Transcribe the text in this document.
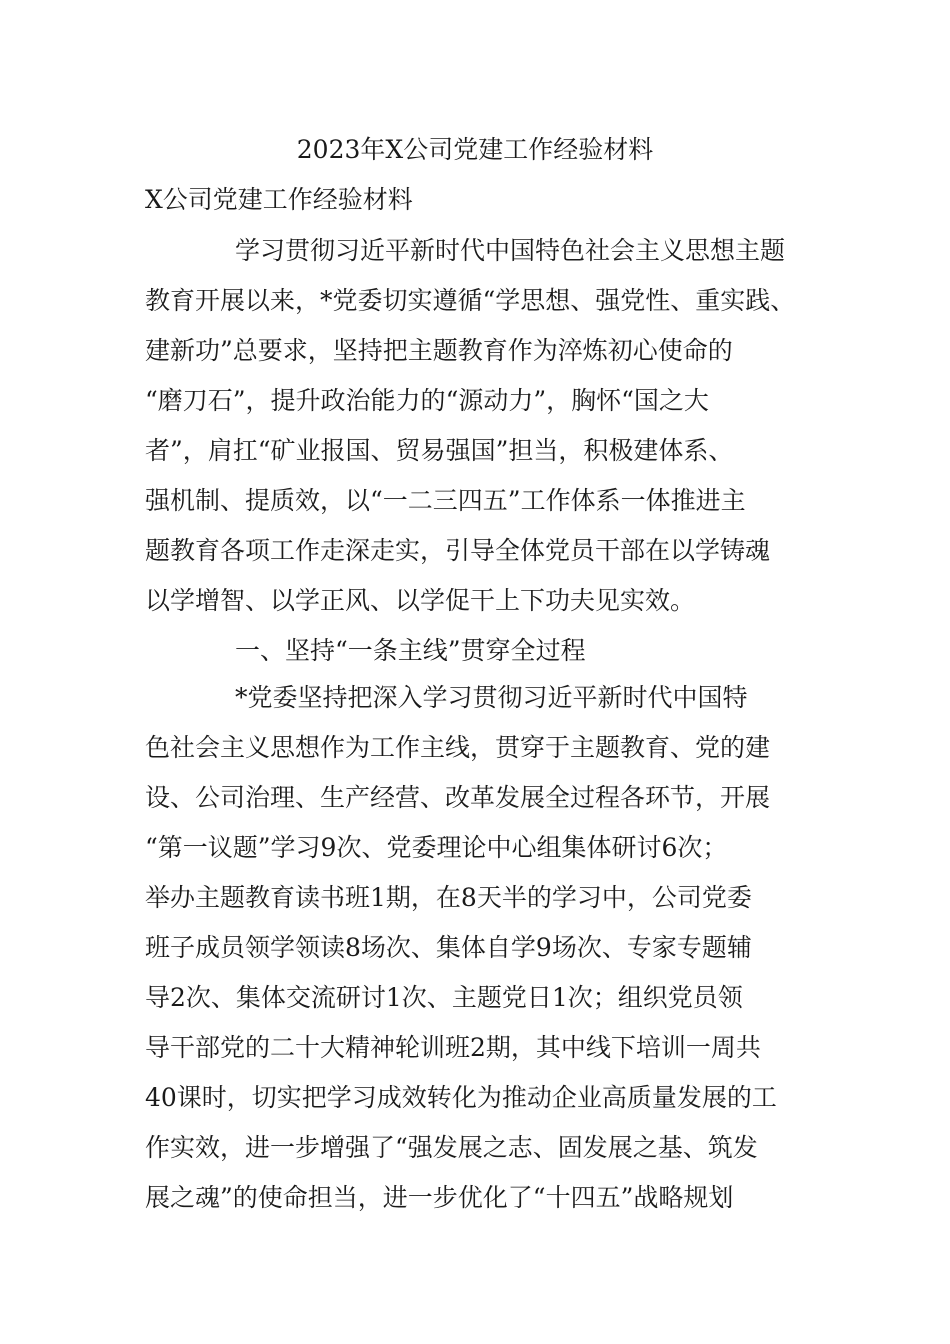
2023年X公司党建工作经验材料
X公司党建工作经验材料
学习贯彻习近平新时代中国特色社会主义思想主题
教育开展以来，*党委切实遵循“学思想、强党性、重实践、
建新功”总要求，坚持把主题教育作为淬炼初心使命的
“磨刀石”，提升政治能力的“源动力”，胸怀“国之大
者”，肩扛“矿业报国、贸易强国”担当，积极建体系、
强机制、提质效，以“一二三四五”工作体系一体推进主
题教育各项工作走深走实，引导全体党员干部在以学铸魂
以学增智、以学正风、以学促干上下功夫见实效。
一、坚持“一条主线”贯穿全过程
*党委坚持把深入学习贯彻习近平新时代中国特
色社会主义思想作为工作主线，贯穿于主题教育、党的建
设、公司治理、生产经营、改革发展全过程各环节，开展
“第一议题”学习9次、党委理论中心组集体研讨6次；
举办主题教育读书班1期，在8天半的学习中，公司党委
班子成员领学领读8场次、集体自学9场次、专家专题辅
导2次、集体交流研讨1次、主题党日1次；组织党员领
导干部党的二十大精神轮训班2期，其中线下培训一周共
40课时，切实把学习成效转化为推动企业高质量发展的工
作实效，进一步增强了“强发展之志、固发展之基、筑发
展之魂”的使命担当，进一步优化了“十四五”战略规划
